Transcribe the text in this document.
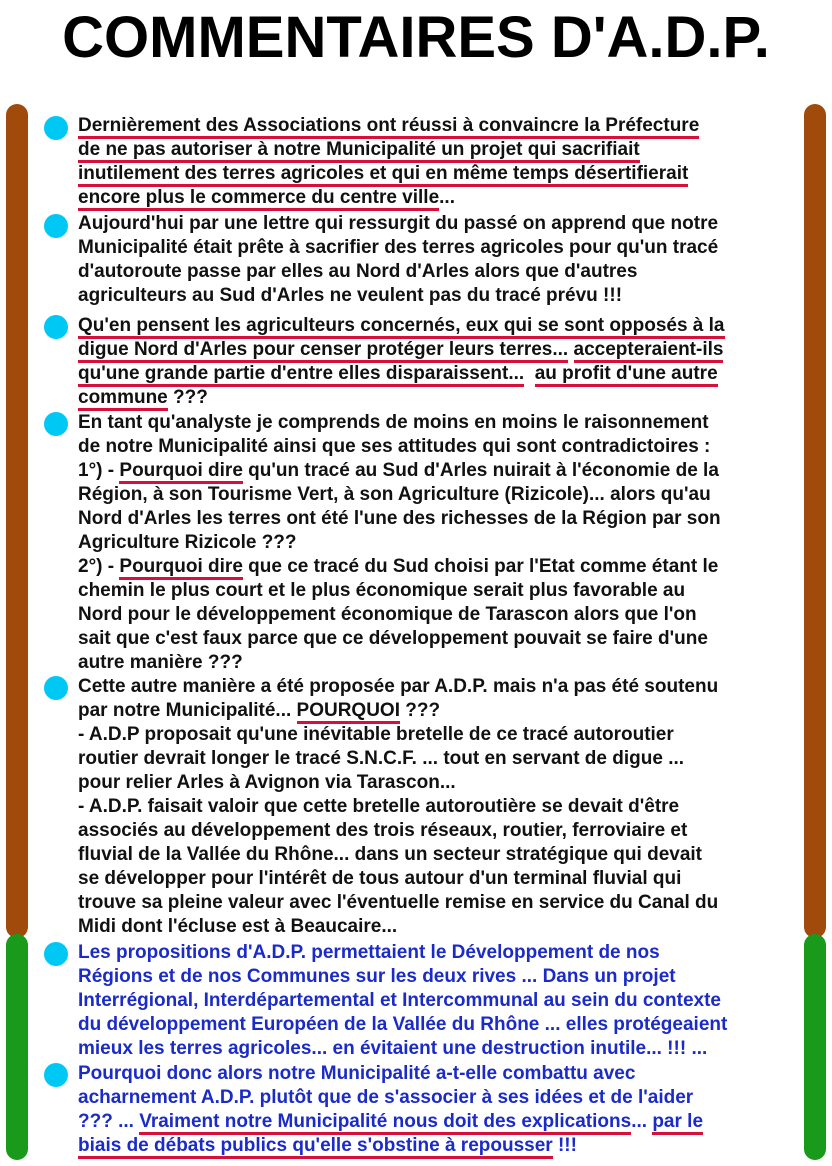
COMMENTAIRES D'A.D.P.
Dernièrement des Associations ont réussi à convaincre la Préfecture
de ne pas autoriser à notre Municipalité un projet qui sacrifiait
inutilement des terres agricoles et qui en même temps désertifierait
encore plus le commerce du centre ville...
Aujourd'hui par une lettre qui ressurgit du passé on apprend que notre
Municipalité était prête à sacrifier des terres agricoles pour qu'un tracé
d'autoroute passe par elles au Nord d'Arles alors que d'autres
agriculteurs au Sud d'Arles ne veulent pas du tracé prévu !!!
Qu'en pensent les agriculteurs concernés, eux qui se sont opposés à la
digue Nord d'Arles pour censer protéger leurs terres... accepteraient-ils
qu'une grande partie d'entre elles disparaissent... au profit d'une autre
commune ???
En tant qu'analyste je comprends de moins en moins le raisonnement
de notre Municipalité ainsi que ses attitudes qui sont contradictoires :
1°) - Pourquoi dire qu'un tracé au Sud d'Arles nuirait à l'économie de la
Région, à son Tourisme Vert, à son Agriculture (Rizicole)... alors qu'au
Nord d'Arles les terres ont été l'une des richesses de la Région par son
Agriculture Rizicole ???
2°) - Pourquoi dire que ce tracé du Sud choisi par l'Etat comme étant le
chemin le plus court et le plus économique serait plus favorable au
Nord pour le développement économique de Tarascon alors que l'on
sait que c'est faux parce que ce développement pouvait se faire d'une
autre manière ???
Cette autre manière a été proposée par A.D.P. mais n'a pas été soutenu
par notre Municipalité... POURQUOI ???
- A.D.P proposait qu'une inévitable bretelle de ce tracé autoroutier
routier devrait longer le tracé S.N.C.F. ... tout en servant de digue ...
pour relier Arles à Avignon via Tarascon...
- A.D.P. faisait valoir que cette bretelle autoroutière se devait d'être
associés au développement des trois réseaux, routier, ferroviaire et
fluvial de la Vallée du Rhône... dans un secteur stratégique qui devait
se développer pour l'intérêt de tous autour d'un terminal fluvial qui
trouve sa pleine valeur avec l'éventuelle remise en service du Canal du
Midi dont l'écluse est à Beaucaire...
Les propositions d'A.D.P. permettaient le Développement de nos
Régions et de nos Communes sur les deux rives ... Dans un projet
Interrégional, Interdépartemental et Intercommunal au sein du contexte
du développement Européen de la Vallée du Rhône ... elles protégeaient
mieux les terres agricoles... en évitaient une destruction inutile... !!! ...
Pourquoi donc alors notre Municipalité a-t-elle combattu avec
acharnement A.D.P. plutôt que de s'associer à ses idées et de l'aider
??? ... Vraiment notre Municipalité nous doit des explications... par le
biais de débats publics qu'elle s'obstine à repousser !!!
